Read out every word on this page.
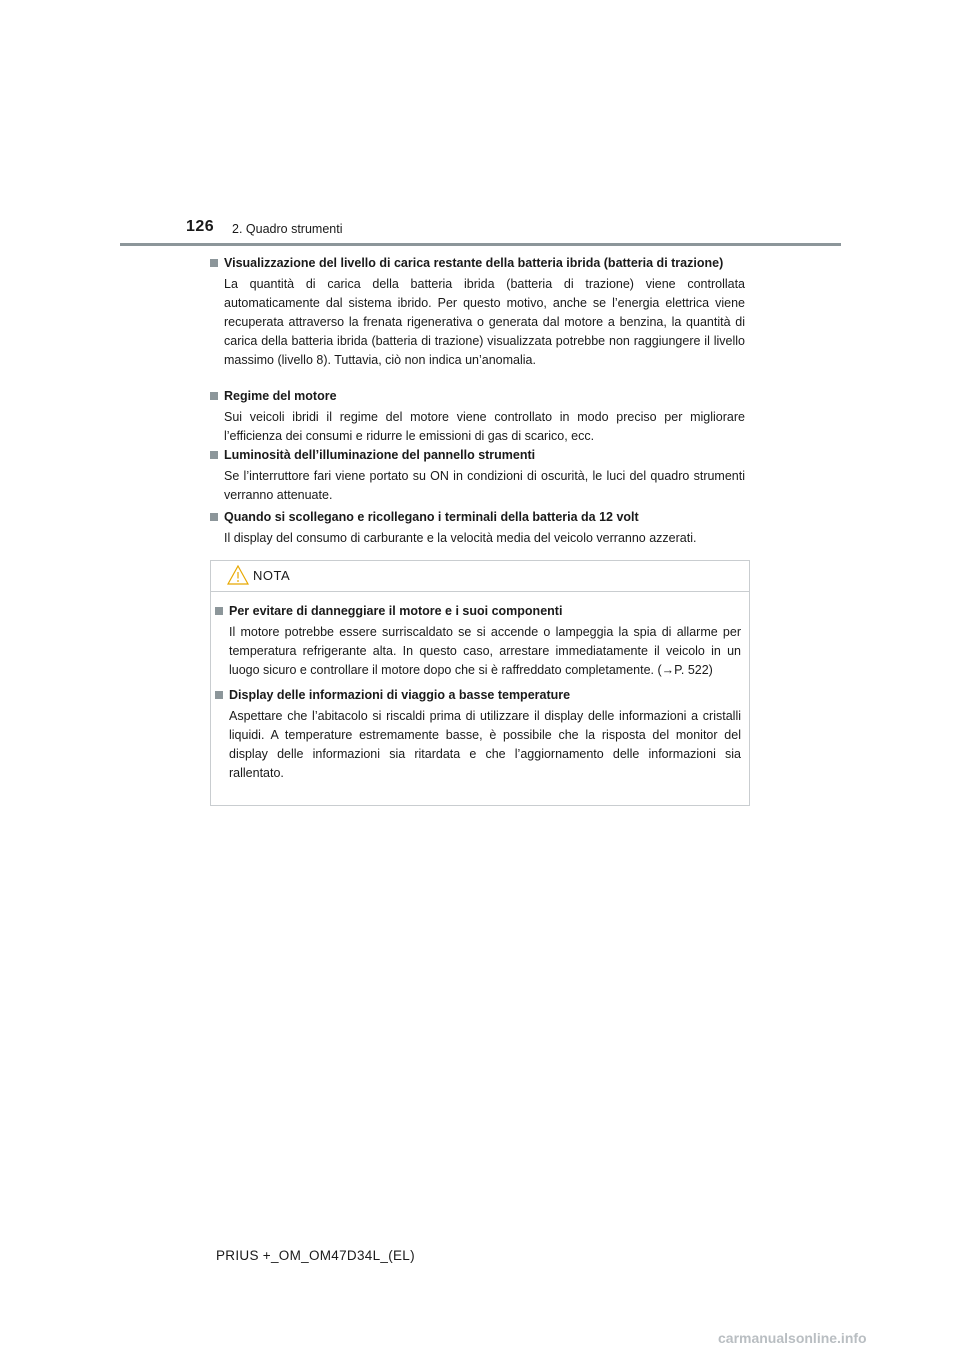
126 2. Quadro strumenti
Visualizzazione del livello di carica restante della batteria ibrida (batteria di trazione)
La quantità di carica della batteria ibrida (batteria di trazione) viene controllata automaticamente dal sistema ibrido. Per questo motivo, anche se l’energia elettrica viene recuperata attraverso la frenata rigenerativa o generata dal motore a benzina, la quantità di carica della batteria ibrida (batteria di trazione) visualizzata potrebbe non raggiungere il livello massimo (livello 8). Tuttavia, ciò non indica un’anomalia.
Regime del motore
Sui veicoli ibridi il regime del motore viene controllato in modo preciso per migliorare l’efficienza dei consumi e ridurre le emissioni di gas di scarico, ecc.
Luminosità dell’illuminazione del pannello strumenti
Se l’interruttore fari viene portato su ON in condizioni di oscurità, le luci del quadro strumenti verranno attenuate.
Quando si scollegano e ricollegano i terminali della batteria da 12 volt
Il display del consumo di carburante e la velocità media del veicolo verranno azzerati.
NOTA
Per evitare di danneggiare il motore e i suoi componenti
Il motore potrebbe essere surriscaldato se si accende o lampeggia la spia di allarme per temperatura refrigerante alta. In questo caso, arrestare immediatamente il veicolo in un luogo sicuro e controllare il motore dopo che si è raffreddato completamente. (→P. 522)
Display delle informazioni di viaggio a basse temperature
Aspettare che l’abitacolo si riscaldi prima di utilizzare il display delle informazioni a cristalli liquidi. A temperature estremamente basse, è possibile che la risposta del monitor del display delle informazioni sia ritardata e che l’aggiornamento delle informazioni sia rallentato.
PRIUS +_OM_OM47D34L_(EL)
carmanualsonline.info
